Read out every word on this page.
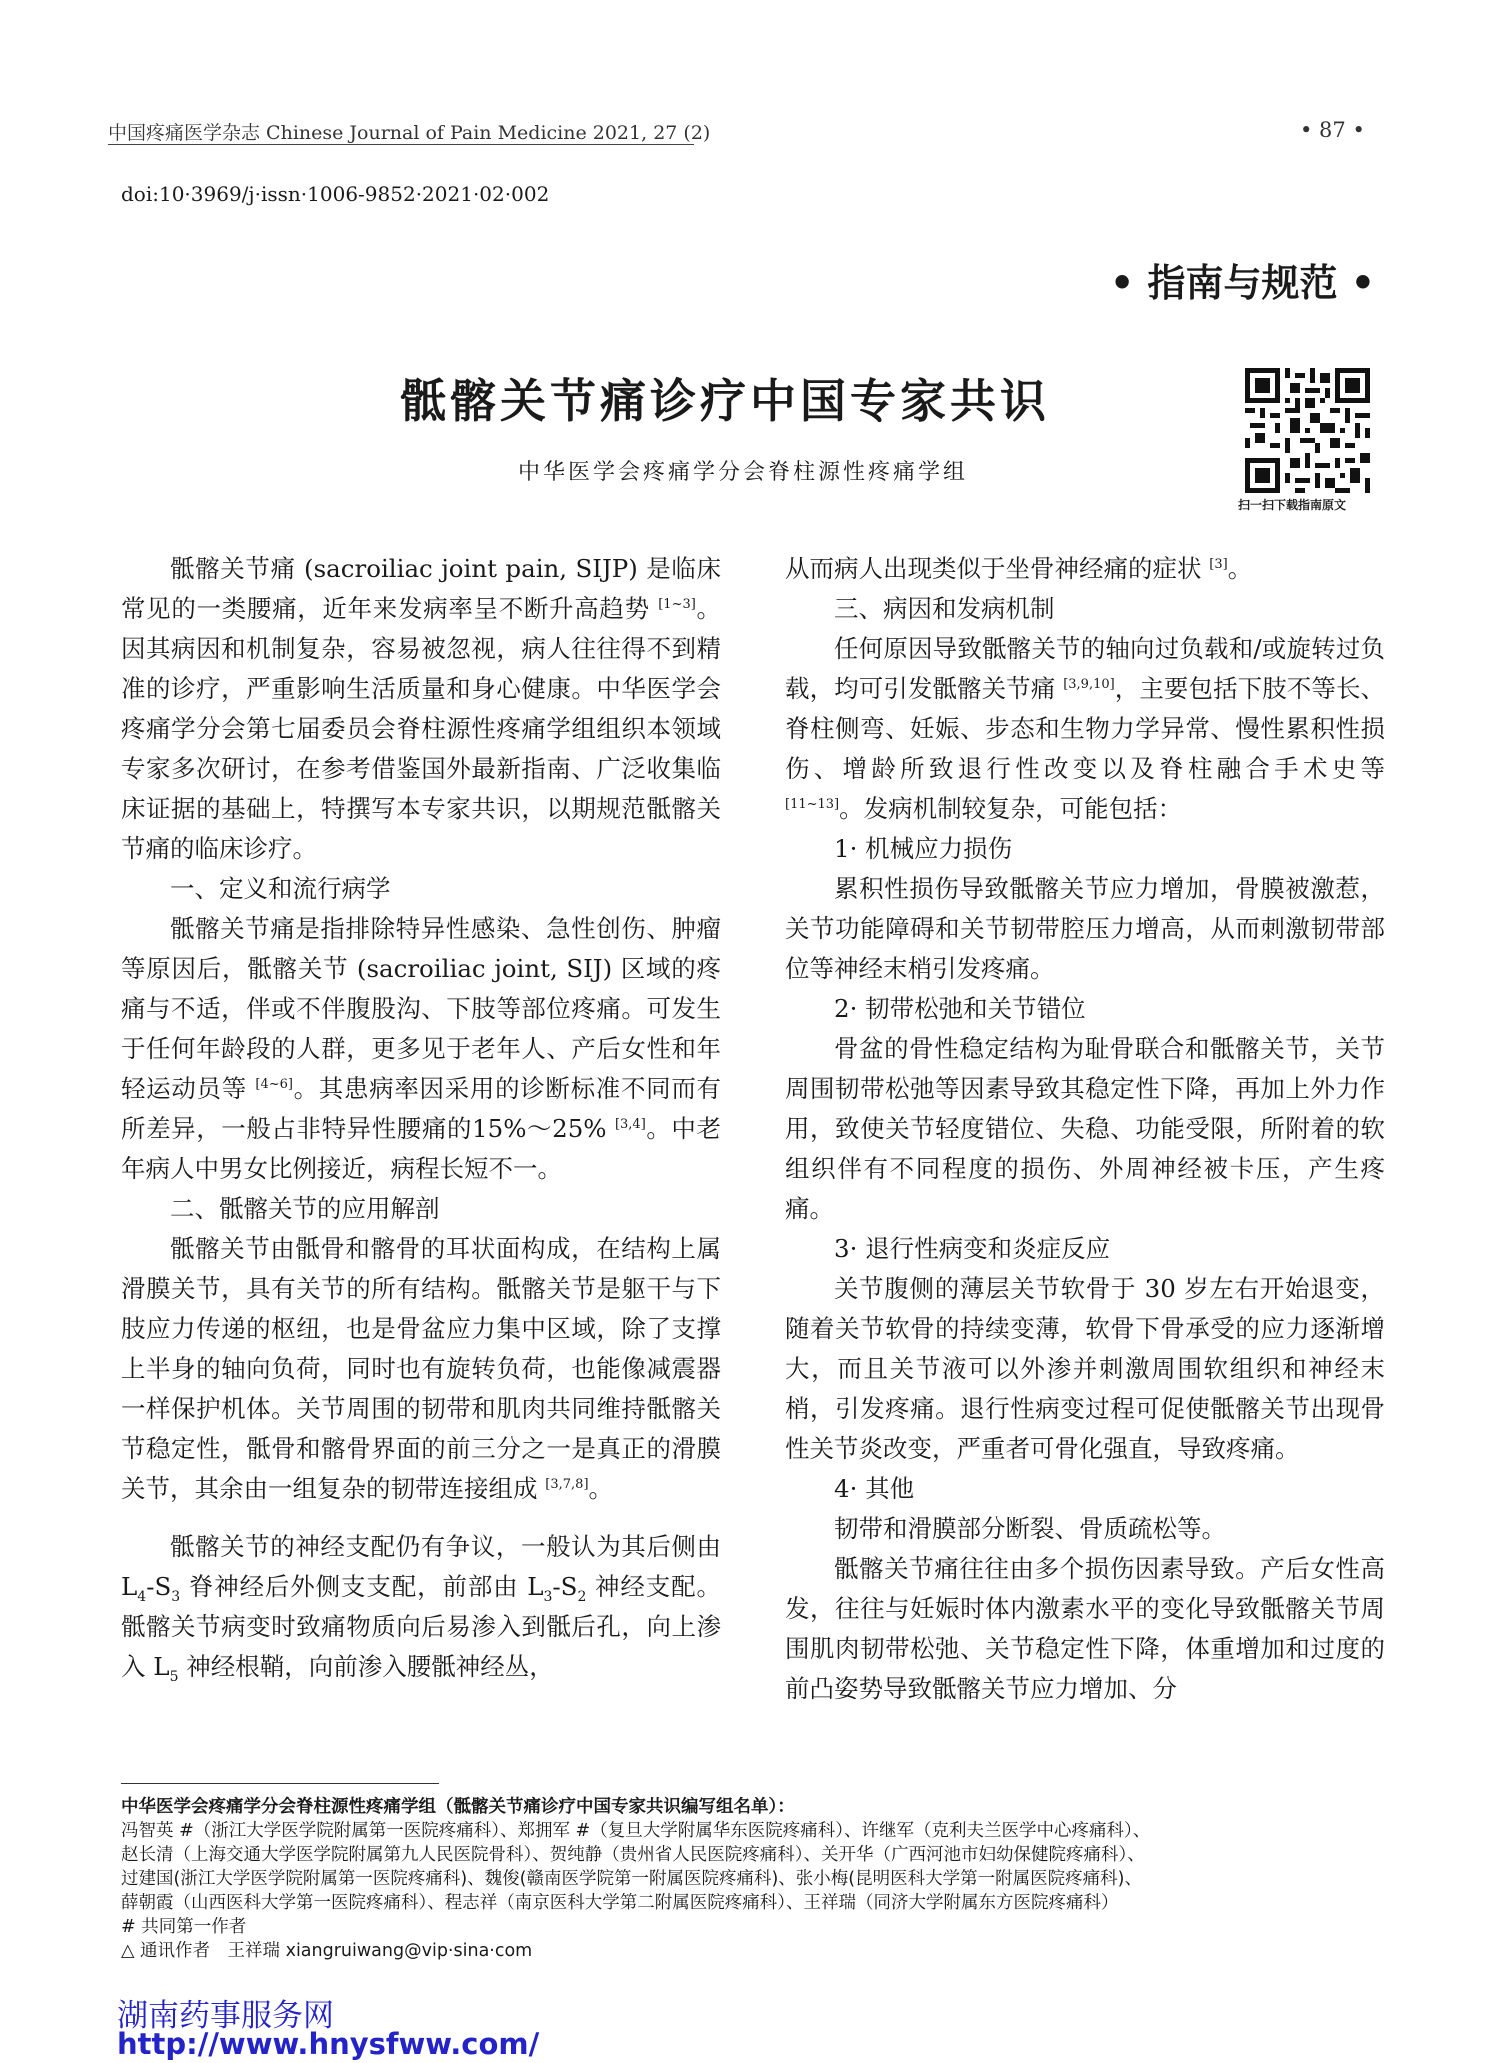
中国疼痛医学杂志 Chinese Journal of Pain Medicine 2021, 27 (2)	• 87 •
doi:10·3969/j·issn·1006-9852·2021·02·002
• 指南与规范 •
骶髂关节痛诊疗中国专家共识
中华医学会疼痛学分会脊柱源性疼痛学组
扫一扫下载指南原文

骶髂关节痛 (sacroiliac joint pain, SIJP) 是临床常见的一类腰痛，近年来发病率呈不断升高趋势 [1~3]。因其病因和机制复杂，容易被忽视，病人往往得不到精准的诊疗，严重影响生活质量和身心健康。中华医学会疼痛学分会第七届委员会脊柱源性疼痛学组组织本领域专家多次研讨，在参考借鉴国外最新指南、广泛收集临床证据的基础上，特撰写本专家共识，以期规范骶髂关节痛的临床诊疗。

一、定义和流行病学

骶髂关节痛是指排除特异性感染、急性创伤、肿瘤等原因后，骶髂关节 (sacroiliac joint, SIJ) 区域的疼痛与不适，伴或不伴腹股沟、下肢等部位疼痛。可发生于任何年龄段的人群，更多见于老年人、产后女性和年轻运动员等 [4~6]。其患病率因采用的诊断标准不同而有所差异，一般占非特异性腰痛的15%～25% [3,4]。中老年病人中男女比例接近，病程长短不一。

二、骶髂关节的应用解剖

骶髂关节由骶骨和髂骨的耳状面构成，在结构上属滑膜关节，具有关节的所有结构。骶髂关节是躯干与下肢应力传递的枢纽，也是骨盆应力集中区域，除了支撑上半身的轴向负荷，同时也有旋转负荷，也能像减震器一样保护机体。关节周围的韧带和肌肉共同维持骶髂关节稳定性，骶骨和髂骨界面的前三分之一是真正的滑膜关节，其余由一组复杂的韧带连接组成 [3,7,8]。

骶髂关节的神经支配仍有争议，一般认为其后侧由 $L_4-S_3$ 脊神经后外侧支支配，前部由 $L_3-S_2$ 神经支配。骶髂关节病变时致痛物质向后易渗入到骶后孔，向上渗入 $L_5$ 神经根鞘，向前渗入腰骶神经丛，

从而病人出现类似于坐骨神经痛的症状 [3]。

三、病因和发病机制

任何原因导致骶髂关节的轴向过负载和/或旋转过负载，均可引发骶髂关节痛 [3,9,10]，主要包括下肢不等长、脊柱侧弯、妊娠、步态和生物力学异常、慢性累积性损伤、增龄所致退行性改变以及脊柱融合手术史等 [11~13]。发病机制较复杂，可能包括：

1· 机械应力损伤

累积性损伤导致骶髂关节应力增加，骨膜被激惹，关节功能障碍和关节韧带腔压力增高，从而刺激韧带部位等神经末梢引发疼痛。

2· 韧带松弛和关节错位

骨盆的骨性稳定结构为耻骨联合和骶髂关节，关节周围韧带松弛等因素导致其稳定性下降，再加上外力作用，致使关节轻度错位、失稳、功能受限，所附着的软组织伴有不同程度的损伤、外周神经被卡压，产生疼痛。

3· 退行性病变和炎症反应

关节腹侧的薄层关节软骨于 30 岁左右开始退变，随着关节软骨的持续变薄，软骨下骨承受的应力逐渐增大，而且关节液可以外渗并刺激周围软组织和神经末梢，引发疼痛。退行性病变过程可促使骶髂关节出现骨性关节炎改变，严重者可骨化强直，导致疼痛。

4· 其他

韧带和滑膜部分断裂、骨质疏松等。

骶髂关节痛往往由多个损伤因素导致。产后女性高发，往往与妊娠时体内激素水平的变化导致骶髂关节周围肌肉韧带松弛、关节稳定性下降，体重增加和过度的前凸姿势导致骶髂关节应力增加、分

中华医学会疼痛学分会脊柱源性疼痛学组（骶髂关节痛诊疗中国专家共识编写组名单）：

冯智英 #（浙江大学医学院附属第一医院疼痛科）、郑拥军 #（复旦大学附属华东医院疼痛科）、许继军（克利夫兰医学中心疼痛科）、

赵长清（上海交通大学医学院附属第九人民医院骨科）、贺纯静（贵州省人民医院疼痛科）、关开华（广西河池市妇幼保健院疼痛科）、

过建国(浙江大学医学院附属第一医院疼痛科)、魏俊(赣南医学院第一附属医院疼痛科)、张小梅(昆明医科大学第一附属医院疼痛科)、

薛朝霞（山西医科大学第一医院疼痛科）、程志祥（南京医科大学第二附属医院疼痛科）、王祥瑞（同济大学附属东方医院疼痛科）

# 共同第一作者

△ 通讯作者　王祥瑞 xiangruiwang@vip·sina·com

湖南药事服务网
http://www.hnysfww.com/
